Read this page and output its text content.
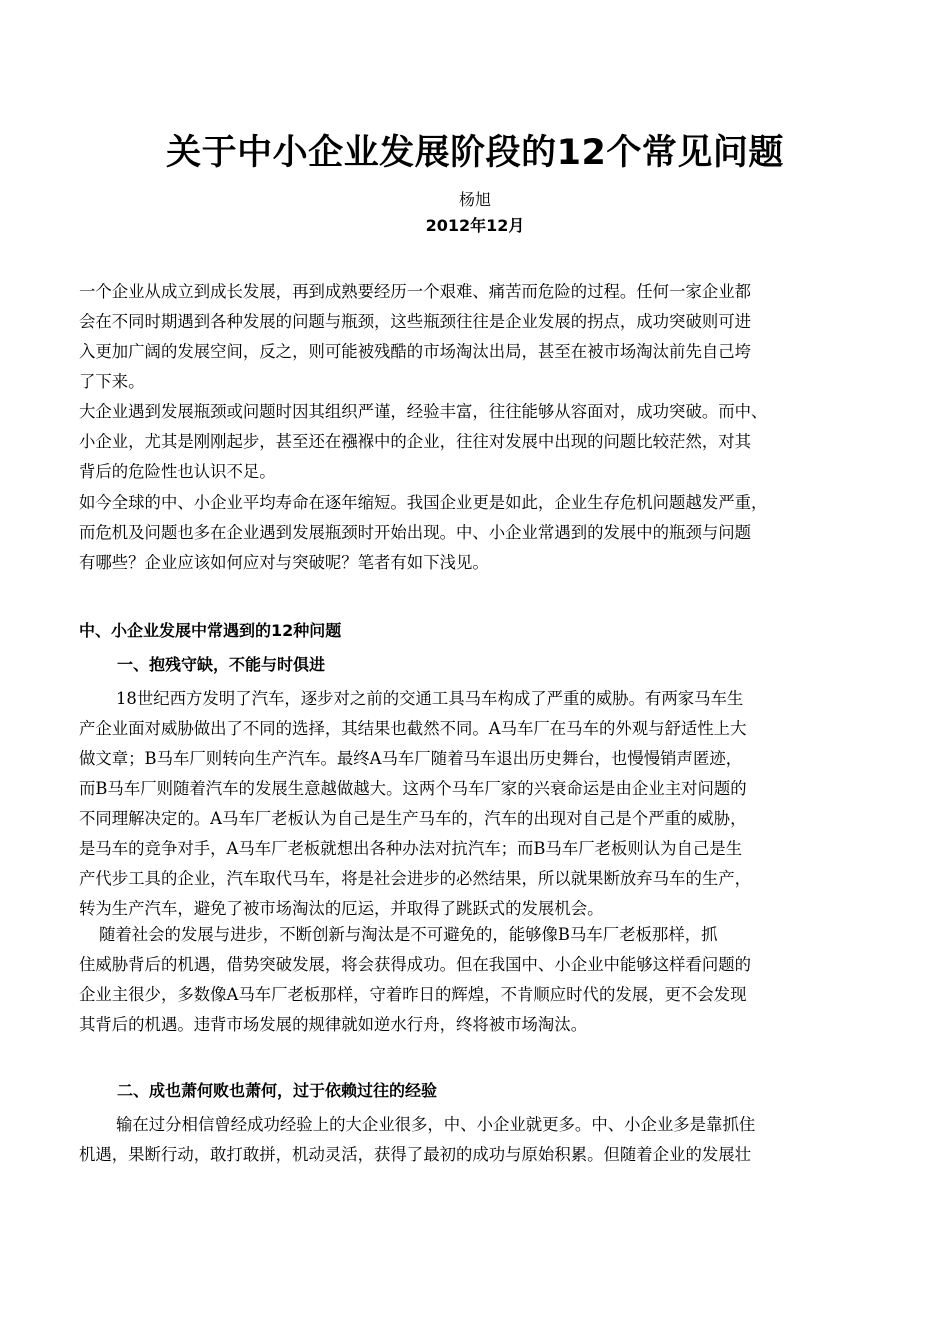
关于中小企业发展阶段的12个常见问题
杨旭
2012年12月

一个企业从成立到成长发展，再到成熟要经历一个艰难、痛苦而危险的过程。任何一家企业都
会在不同时期遇到各种发展的问题与瓶颈，这些瓶颈往往是企业发展的拐点，成功突破则可进
入更加广阔的发展空间，反之，则可能被残酷的市场淘汰出局，甚至在被市场淘汰前先自己垮
了下来。

大企业遇到发展瓶颈或问题时因其组织严谨，经验丰富，往往能够从容面对，成功突破。而中、
小企业，尤其是刚刚起步，甚至还在襁褓中的企业，往往对发展中出现的问题比较茫然，对其
背后的危险性也认识不足。

如今全球的中、小企业平均寿命在逐年缩短。我国企业更是如此，企业生存危机问题越发严重，
而危机及问题也多在企业遇到发展瓶颈时开始出现。中、小企业常遇到的发展中的瓶颈与问题
有哪些？企业应该如何应对与突破呢？笔者有如下浅见。

中、小企业发展中常遇到的12种问题
一、抱残守缺，不能与时俱进

18世纪西方发明了汽车，逐步对之前的交通工具马车构成了严重的威胁。有两家马车生
产企业面对威胁做出了不同的选择，其结果也截然不同。A马车厂在马车的外观与舒适性上大
做文章；B马车厂则转向生产汽车。最终A马车厂随着马车退出历史舞台，也慢慢销声匿迹，
而B马车厂则随着汽车的发展生意越做越大。这两个马车厂家的兴衰命运是由企业主对问题的
不同理解决定的。A马车厂老板认为自己是生产马车的，汽车的出现对自己是个严重的威胁，
是马车的竞争对手，A马车厂老板就想出各种办法对抗汽车；而B马车厂老板则认为自己是生
产代步工具的企业，汽车取代马车，将是社会进步的必然结果，所以就果断放弃马车的生产，
转为生产汽车，避免了被市场淘汰的厄运，并取得了跳跃式的发展机会。

随着社会的发展与进步，不断创新与淘汰是不可避免的，能够像B马车厂老板那样，抓
住威胁背后的机遇，借势突破发展，将会获得成功。但在我国中、小企业中能够这样看问题的
企业主很少，多数像A马车厂老板那样，守着昨日的辉煌，不肯顺应时代的发展，更不会发现
其背后的机遇。违背市场发展的规律就如逆水行舟，终将被市场淘汰。

二、成也萧何败也萧何，过于依赖过往的经验

输在过分相信曾经成功经验上的大企业很多，中、小企业就更多。中、小企业多是靠抓住
机遇，果断行动，敢打敢拼，机动灵活，获得了最初的成功与原始积累。但随着企业的发展壮
